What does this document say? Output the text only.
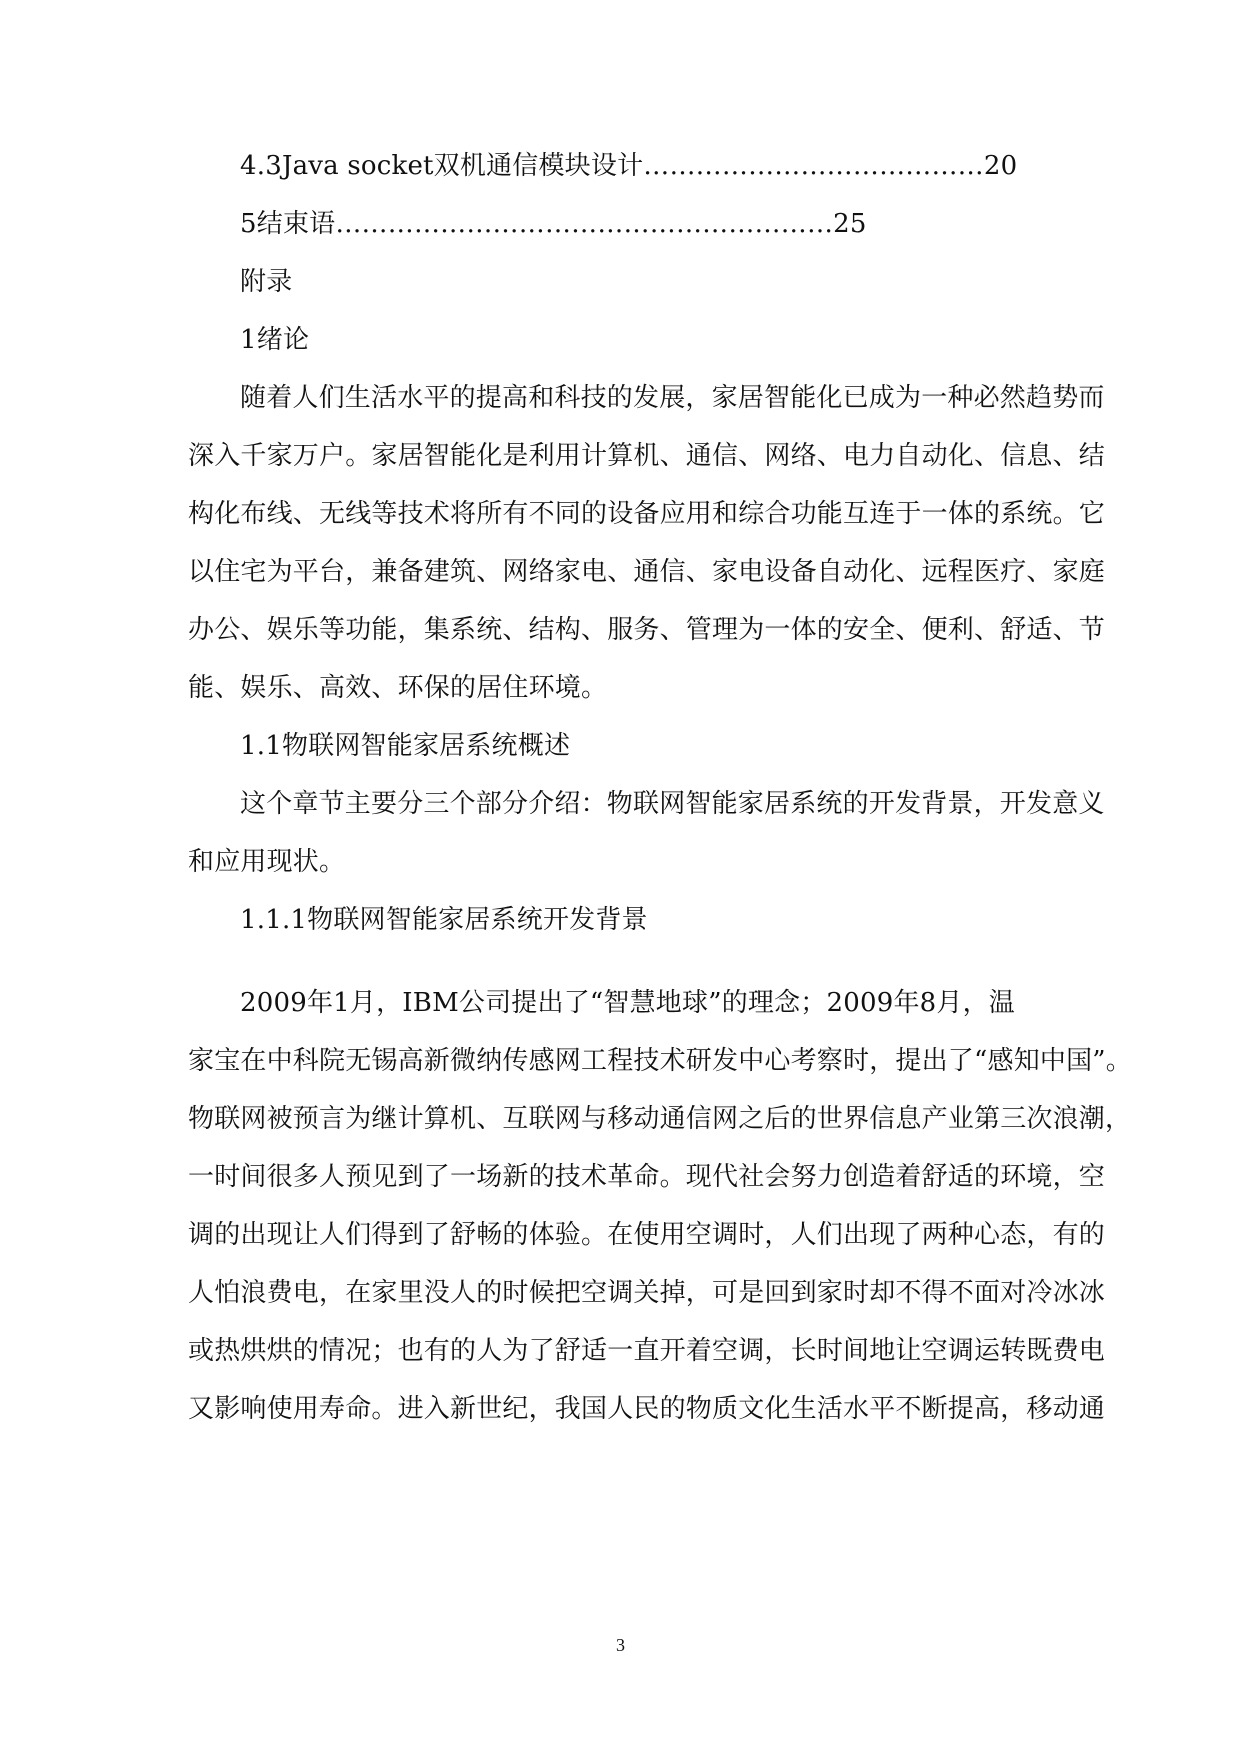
4.3Java socket双机通信模块设计…………………………………20
5结束语…………………………………………………25
附录
1绪论
随着人们生活水平的提高和科技的发展，家居智能化已成为一种必然趋势而
深入千家万户。家居智能化是利用计算机、通信、网络、电力自动化、信息、结
构化布线、无线等技术将所有不同的设备应用和综合功能互连于一体的系统。它
以住宅为平台，兼备建筑、网络家电、通信、家电设备自动化、远程医疗、家庭
办公、娱乐等功能，集系统、结构、服务、管理为一体的安全、便利、舒适、节
能、娱乐、高效、环保的居住环境。
1.1物联网智能家居系统概述
这个章节主要分三个部分介绍：物联网智能家居系统的开发背景，开发意义
和应用现状。
1.1.1物联网智能家居系统开发背景
2009年1月，IBM公司提出了“智慧地球”的理念；2009年8月，温
家宝在中科院无锡高新微纳传感网工程技术研发中心考察时，提出了“感知中国”。
物联网被预言为继计算机、互联网与移动通信网之后的世界信息产业第三次浪潮，
一时间很多人预见到了一场新的技术革命。现代社会努力创造着舒适的环境，空
调的出现让人们得到了舒畅的体验。在使用空调时，人们出现了两种心态，有的
人怕浪费电，在家里没人的时候把空调关掉，可是回到家时却不得不面对冷冰冰
或热烘烘的情况；也有的人为了舒适一直开着空调，长时间地让空调运转既费电
又影响使用寿命。进入新世纪，我国人民的物质文化生活水平不断提高，移动通
3
